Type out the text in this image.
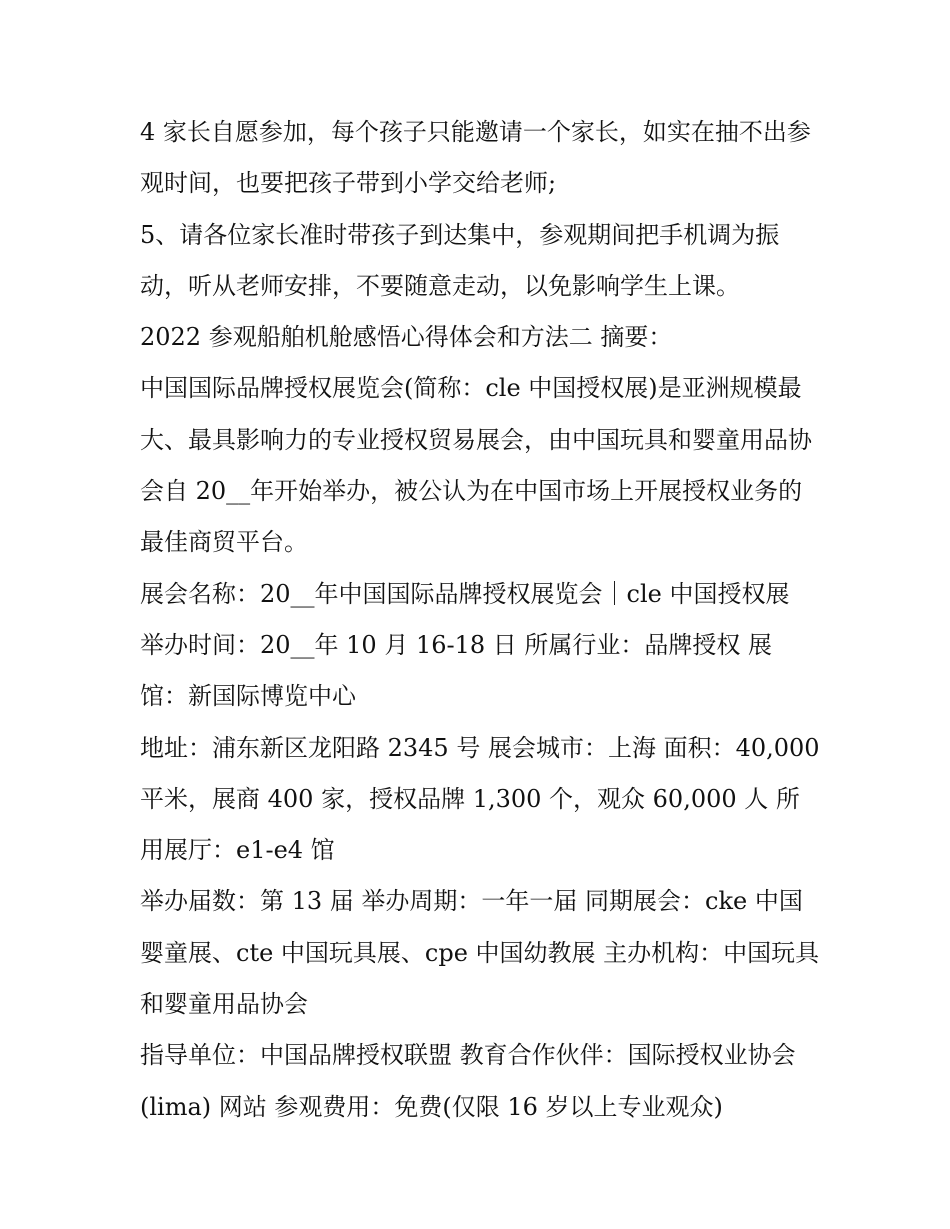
4 家长自愿参加，每个孩子只能邀请一个家长，如实在抽不出参观时间，也要把孩子带到小学交给老师;

5、请各位家长准时带孩子到达集中，参观期间把手机调为振动，听从老师安排，不要随意走动，以免影响学生上课。

2022 参观船舶机舱感悟心得体会和方法二 摘要：

中国国际品牌授权展览会(简称：cle 中国授权展)是亚洲规模最大、最具影响力的专业授权贸易展会，由中国玩具和婴童用品协会自 20__年开始举办，被公认为在中国市场上开展授权业务的最佳商贸平台。

展会名称：20__年中国国际品牌授权展览会｜cle 中国授权展

举办时间：20__年 10 月 16-18 日 所属行业：品牌授权 展馆：新国际博览中心

地址：浦东新区龙阳路 2345 号 展会城市：上海 面积：40,000 平米，展商 400 家，授权品牌 1,300 个，观众 60,000 人 所用展厅：e1-e4 馆

举办届数：第 13 届 举办周期：一年一届 同期展会：cke 中国婴童展、cte 中国玩具展、cpe 中国幼教展 主办机构：中国玩具和婴童用品协会

指导单位：中国品牌授权联盟 教育合作伙伴：国际授权业协会(lima) 网站 参观费用：免费(仅限 16 岁以上专业观众)
